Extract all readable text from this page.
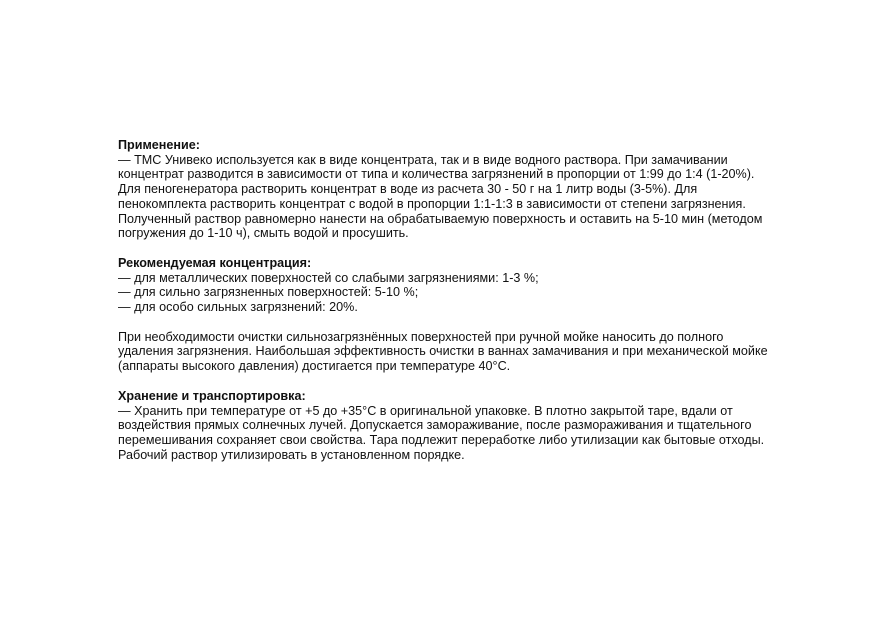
Применение:
— ТМС Унивеко используется как в виде концентрата, так и в виде водного раствора. При замачивании
концентрат разводится в зависимости от типа и количества загрязнений в пропорции от 1:99 до 1:4 (1-20%).
Для пеногенератора растворить концентрат в воде из расчета 30 - 50 г на 1 литр воды (3-5%). Для
пенокомплекта растворить концентрат с водой в пропорции 1:1-1:3 в зависимости от степени загрязнения.
Полученный раствор равномерно нанести на обрабатываемую поверхность и оставить на 5-10 мин (методом
погружения до 1-10 ч), смыть водой и просушить.
Рекомендуемая концентрация:
— для металлических поверхностей со слабыми загрязнениями: 1-3 %;
— для сильно загрязненных поверхностей: 5-10 %;
— для особо сильных загрязнений: 20%.
При необходимости очистки сильнозагрязнённых поверхностей при ручной мойке наносить до полного
удаления загрязнения. Наибольшая эффективность очистки в ваннах замачивания и при механической мойке
(аппараты высокого давления) достигается при температуре 40°С.
Хранение и транспортировка:
— Хранить при температуре от +5 до +35°С в оригинальной упаковке. В плотно закрытой таре, вдали от
воздействия прямых солнечных лучей. Допускается замораживание, после размораживания и тщательного
перемешивания сохраняет свои свойства. Тара подлежит переработке либо утилизации как бытовые отходы.
Рабочий раствор утилизировать в установленном порядке.
